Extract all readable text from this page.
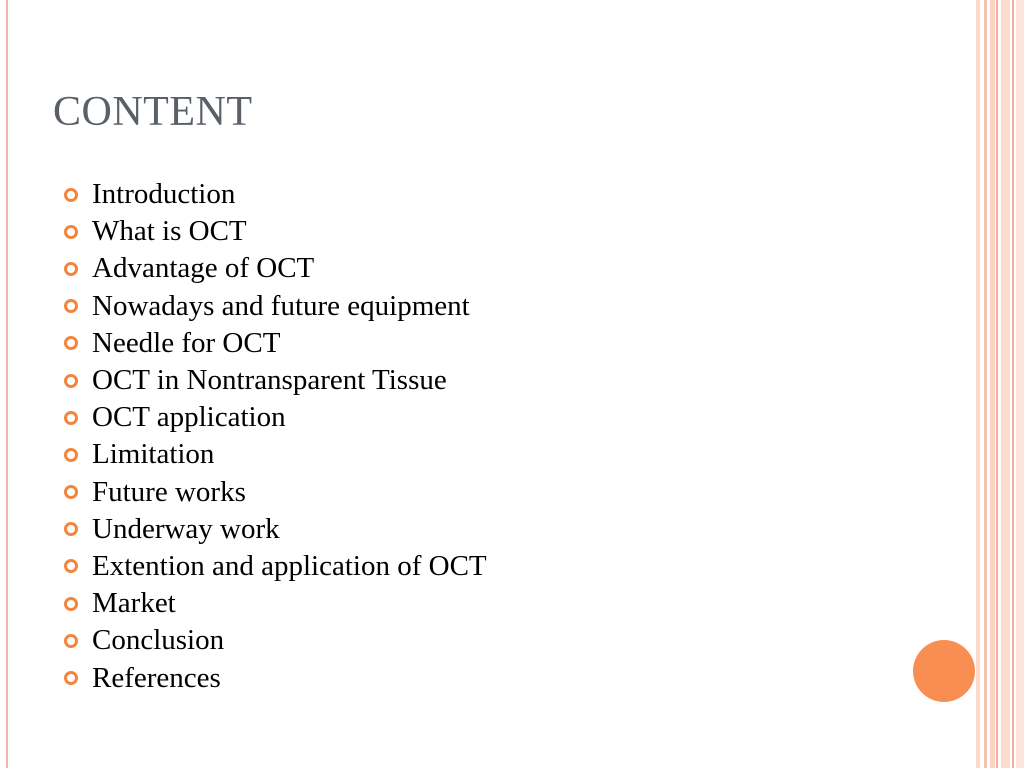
CONTENT
Introduction
What is OCT
Advantage of OCT
Nowadays and future equipment
Needle for OCT
OCT in Nontransparent Tissue
OCT application
Limitation
Future works
Underway work
Extention and application of OCT
Market
Conclusion
References
